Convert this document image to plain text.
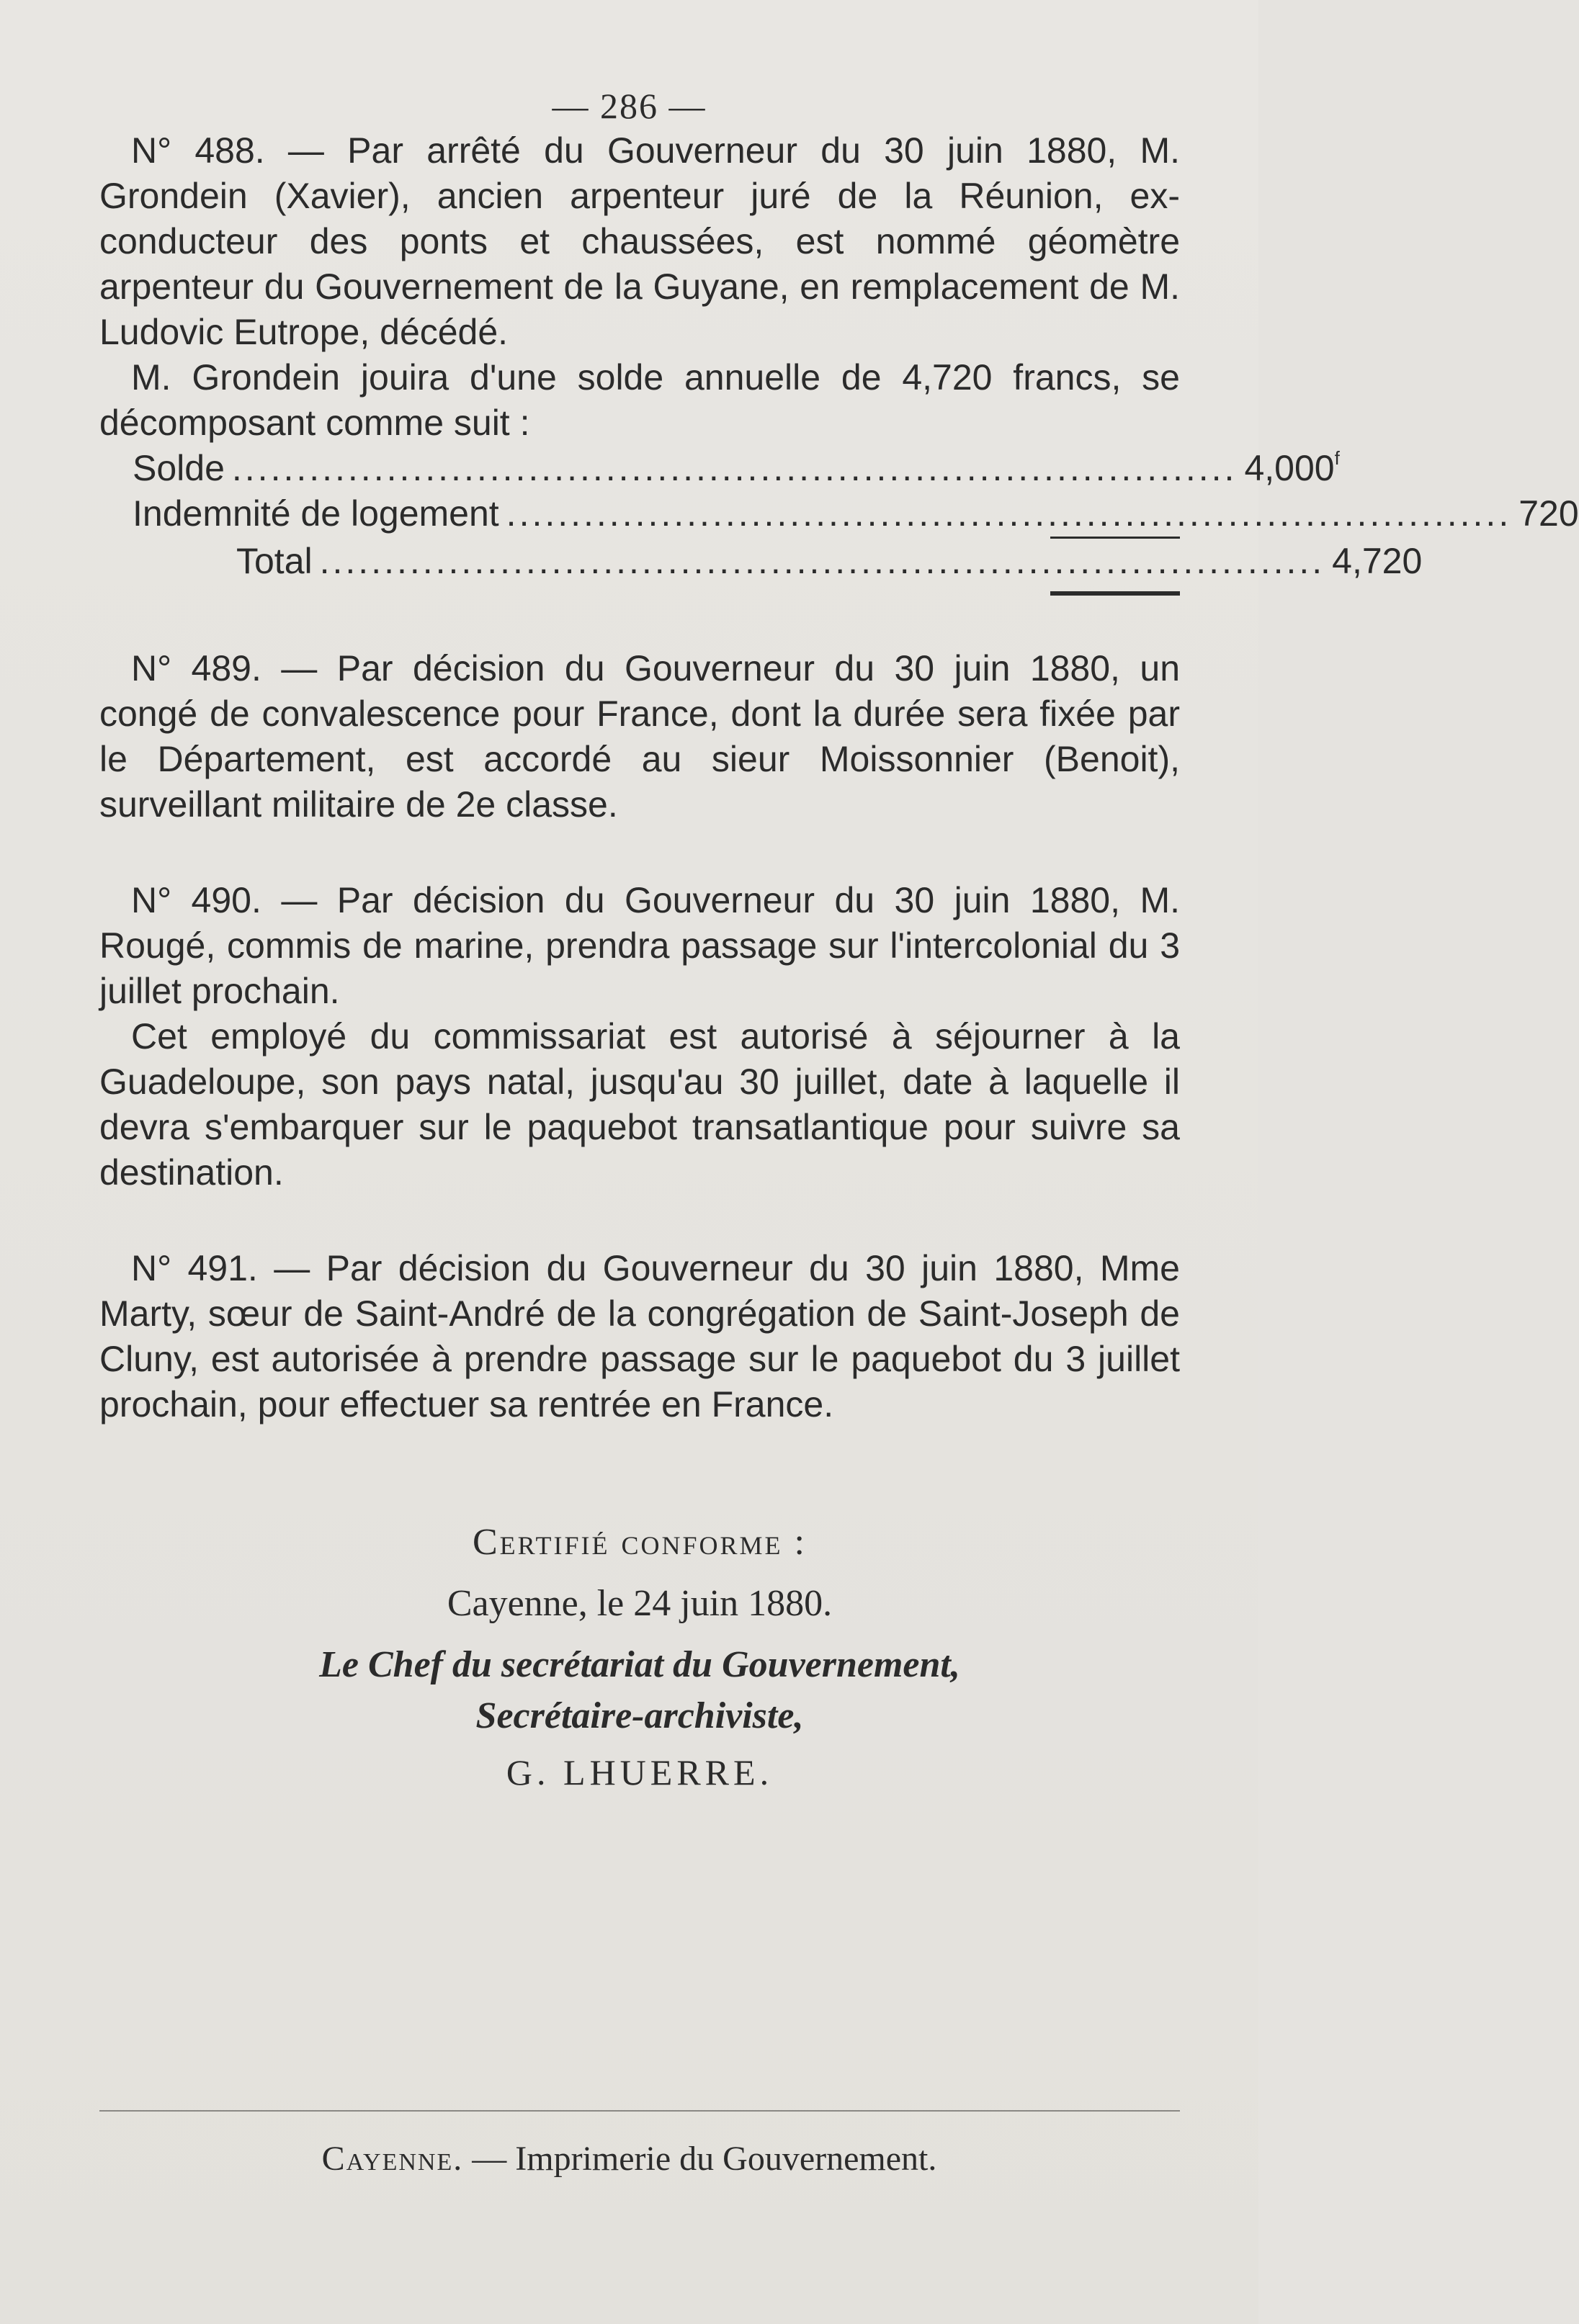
— 286 —

N° 488. — Par arrêté du Gouverneur du 30 juin 1880, M. Grondein (Xavier), ancien arpenteur juré de la Réunion, ex-conducteur des ponts et chaussées, est nommé géomètre arpenteur du Gouvernement de la Guyane, en remplacement de M. Ludovic Eutrope, décédé.

M. Grondein jouira d'une solde annuelle de 4,720 francs, se décomposant comme suit :

Solde .............................................................................. 4,000$^f$
Indemnité de logement .............................................................................. 720
Total .............................................................................. 4,720

N° 489. — Par décision du Gouverneur du 30 juin 1880, un congé de convalescence pour France, dont la durée sera fixée par le Département, est accordé au sieur Moissonnier (Benoit), surveillant militaire de 2e classe.

N° 490. — Par décision du Gouverneur du 30 juin 1880, M. Rougé, commis de marine, prendra passage sur l'intercolonial du 3 juillet prochain.

Cet employé du commissariat est autorisé à séjourner à la Guadeloupe, son pays natal, jusqu'au 30 juillet, date à laquelle il devra s'embarquer sur le paquebot transatlantique pour suivre sa destination.

N° 491. — Par décision du Gouverneur du 30 juin 1880, Mme Marty, sœur de Saint-André de la congrégation de Saint-Joseph de Cluny, est autorisée à prendre passage sur le paquebot du 3 juillet prochain, pour effectuer sa rentrée en France.

Certifié conforme :
Cayenne, le 24 juin 1880.
Le Chef du secrétariat du Gouvernement,
Secrétaire-archiviste,
G. LHUERRE.
Cayenne. — Imprimerie du Gouvernement.
